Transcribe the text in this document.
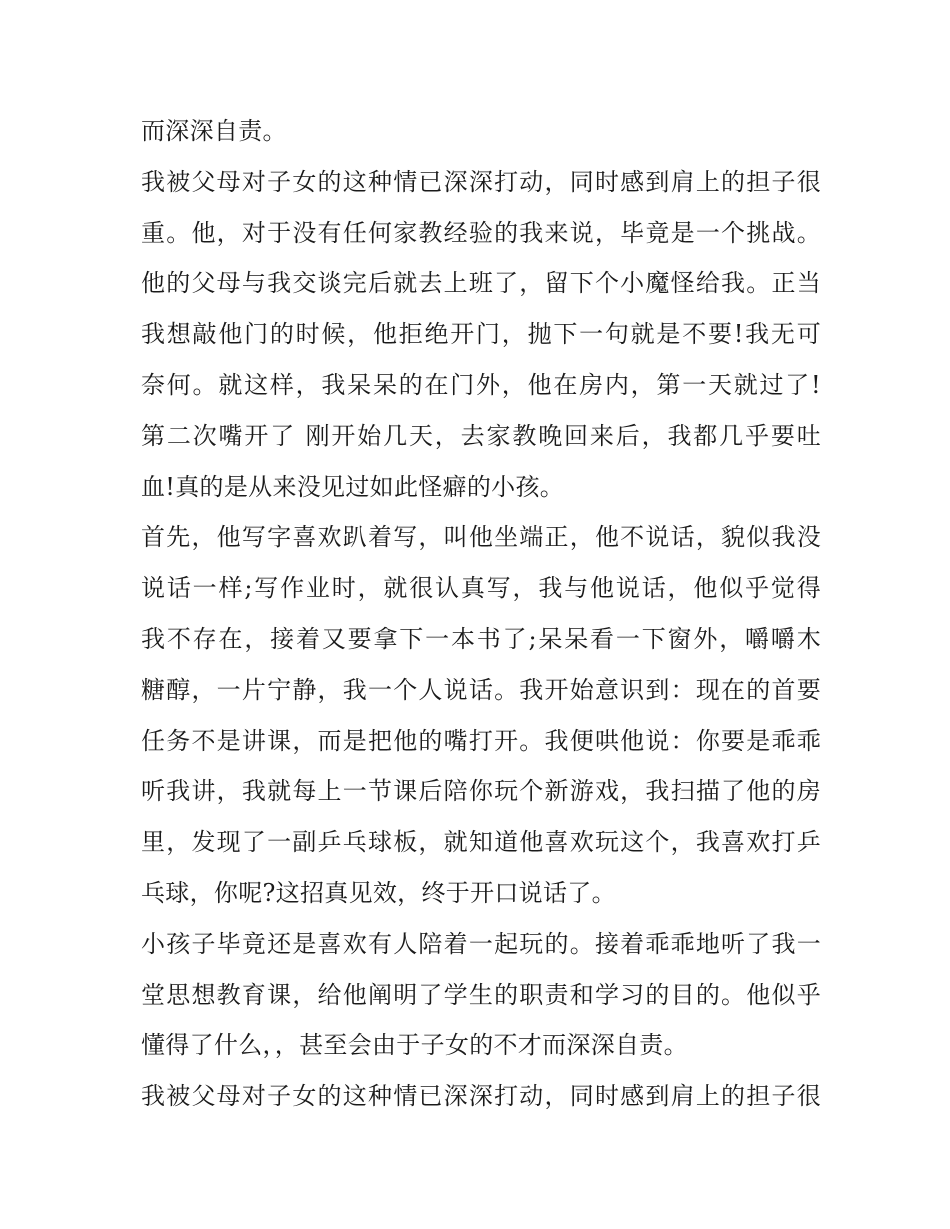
而深深自责。
我被父母对子女的这种情已深深打动，同时感到肩上的担子很
重。他，对于没有任何家教经验的我来说，毕竟是一个挑战。
他的父母与我交谈完后就去上班了，留下个小魔怪给我。正当
我想敲他门的时候，他拒绝开门，抛下一句就是不要!我无可
奈何。就这样，我呆呆的在门外，他在房内，第一天就过了!
第二次嘴开了 刚开始几天，去家教晚回来后，我都几乎要吐
血!真的是从来没见过如此怪癖的小孩。
首先，他写字喜欢趴着写，叫他坐端正，他不说话，貌似我没
说话一样;写作业时，就很认真写，我与他说话，他似乎觉得
我不存在，接着又要拿下一本书了;呆呆看一下窗外，嚼嚼木
糖醇，一片宁静，我一个人说话。我开始意识到：现在的首要
任务不是讲课，而是把他的嘴打开。我便哄他说：你要是乖乖
听我讲，我就每上一节课后陪你玩个新游戏，我扫描了他的房
里，发现了一副乒乓球板，就知道他喜欢玩这个，我喜欢打乒
乓球，你呢?这招真见效，终于开口说话了。
小孩子毕竟还是喜欢有人陪着一起玩的。接着乖乖地听了我一
堂思想教育课，给他阐明了学生的职责和学习的目的。他似乎
懂得了什么，，甚至会由于子女的不才而深深自责。
我被父母对子女的这种情已深深打动，同时感到肩上的担子很
